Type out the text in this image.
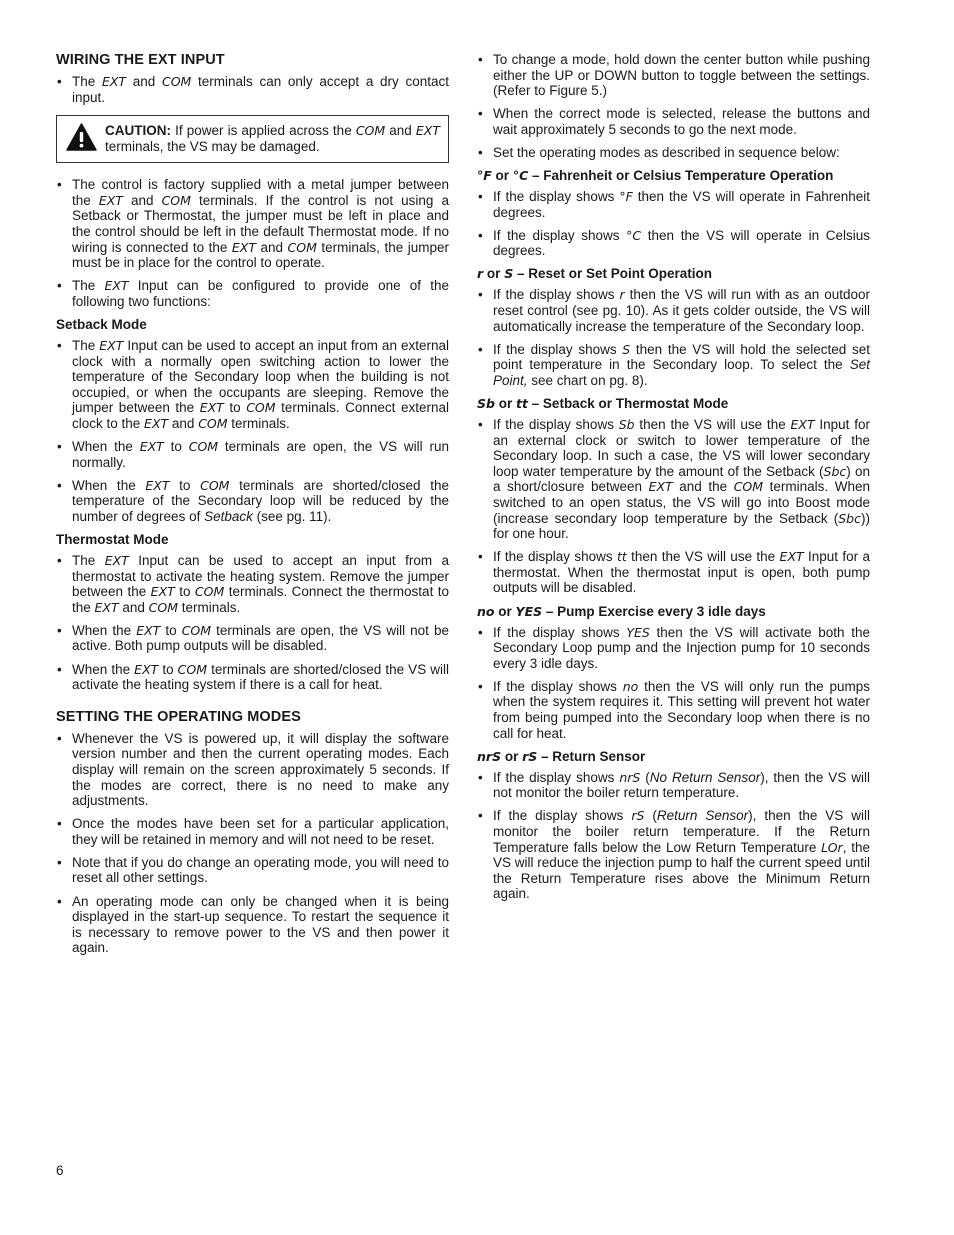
WIRING THE EXT INPUT
• The EXT and COM terminals can only accept a dry contact input.
CAUTION: If power is applied across the COM and EXT terminals, the VS may be damaged.
• The control is factory supplied with a metal jumper between the EXT and COM terminals. If the control is not using a Setback or Thermostat, the jumper must be left in place and the control should be left in the default Thermostat mode. If no wiring is connected to the EXT and COM terminals, the jumper must be in place for the control to operate.
• The EXT Input can be configured to provide one of the following two functions:
Setback Mode
• The EXT Input can be used to accept an input from an external clock with a normally open switching action to lower the temperature of the Secondary loop when the building is not occupied, or when the occupants are sleeping. Remove the jumper between the EXT to COM terminals. Connect external clock to the EXT and COM terminals.
• When the EXT to COM terminals are open, the VS will run normally.
• When the EXT to COM terminals are shorted/closed the temperature of the Secondary loop will be reduced by the number of degrees of Setback (see pg. 11).
Thermostat Mode
• The EXT Input can be used to accept an input from a thermostat to activate the heating system. Remove the jumper between the EXT to COM terminals. Connect the thermostat to the EXT and COM terminals.
• When the EXT to COM terminals are open, the VS will not be active. Both pump outputs will be disabled.
• When the EXT to COM terminals are shorted/closed the VS will activate the heating system if there is a call for heat.
SETTING THE OPERATING MODES
• Whenever the VS is powered up, it will display the software version number and then the current operating modes. Each display will remain on the screen approximately 5 seconds. If the modes are correct, there is no need to make any adjustments.
• Once the modes have been set for a particular application, they will be retained in memory and will not need to be reset.
• Note that if you do change an operating mode, you will need to reset all other settings.
• An operating mode can only be changed when it is being displayed in the start-up sequence. To restart the sequence it is necessary to remove power to the VS and then power it again.
• To change a mode, hold down the center button while pushing either the UP or DOWN button to toggle between the settings. (Refer to Figure 5.)
• When the correct mode is selected, release the buttons and wait approximately 5 seconds to go the next mode.
• Set the operating modes as described in sequence below:
°F or °C – Fahrenheit or Celsius Temperature Operation
• If the display shows °F then the VS will operate in Fahrenheit degrees.
• If the display shows °C then the VS will operate in Celsius degrees.
r or S – Reset or Set Point Operation
• If the display shows r then the VS will run with as an outdoor reset control (see pg. 10). As it gets colder outside, the VS will automatically increase the temperature of the Secondary loop.
• If the display shows S then the VS will hold the selected set point temperature in the Secondary loop. To select the Set Point, see chart on pg. 8).
Sb or tt – Setback or Thermostat Mode
• If the display shows Sb then the VS will use the EXT Input for an external clock or switch to lower temperature of the Secondary loop. In such a case, the VS will lower secondary loop water temperature by the amount of the Setback (Sbc) on a short/closure between EXT and the COM terminals. When switched to an open status, the VS will go into Boost mode (increase secondary loop temperature by the Setback (Sbc)) for one hour.
• If the display shows tt then the VS will use the EXT Input for a thermostat. When the thermostat input is open, both pump outputs will be disabled.
no or YES – Pump Exercise every 3 idle days
• If the display shows YES then the VS will activate both the Secondary Loop pump and the Injection pump for 10 seconds every 3 idle days.
• If the display shows no then the VS will only run the pumps when the system requires it. This setting will prevent hot water from being pumped into the Secondary loop when there is no call for heat.
nrS or rS – Return Sensor
• If the display shows nrS (No Return Sensor), then the VS will not monitor the boiler return temperature.
• If the display shows rS (Return Sensor), then the VS will monitor the boiler return temperature. If the Return Temperature falls below the Low Return Temperature LOr, the VS will reduce the injection pump to half the current speed until the Return Temperature rises above the Minimum Return again.
6
